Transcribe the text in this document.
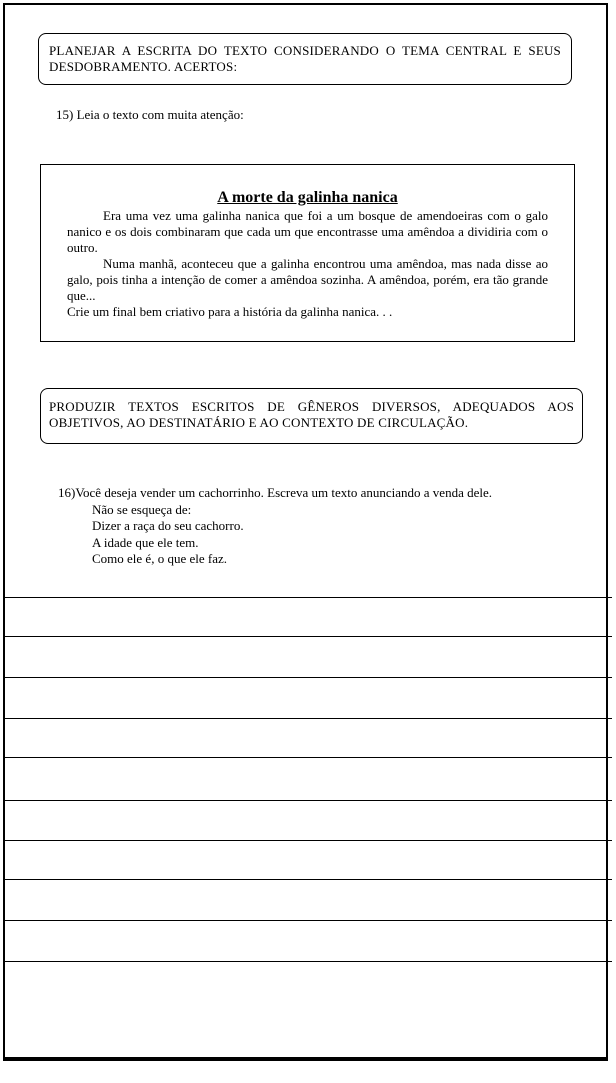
PLANEJAR A ESCRITA DO TEXTO CONSIDERANDO O TEMA CENTRAL E SEUS DESDOBRAMENTO. ACERTOS:
15) Leia o texto com muita atenção:
A morte da galinha nanica

Era uma vez uma galinha nanica que foi a um bosque de amendoeiras com o galo nanico e os dois combinaram que cada um que encontrasse uma amêndoa a dividiria com o outro.

Numa manhã, aconteceu que a galinha encontrou uma amêndoa, mas nada disse ao galo, pois tinha a intenção de comer a amêndoa sozinha. A amêndoa, porém, era tão grande que...

Crie um final bem criativo para a história da galinha nanica. . .

PRODUZIR TEXTOS ESCRITOS DE GÊNEROS DIVERSOS, ADEQUADOS AOS OBJETIVOS, AO DESTINATÁRIO E AO CONTEXTO DE CIRCULAÇÃO.
16)Você deseja vender um cachorrinho. Escreva um texto anunciando a venda dele.
Não se esqueça de:
Dizer a raça do seu cachorro.
A idade que ele tem.
Como ele é, o que ele faz.
